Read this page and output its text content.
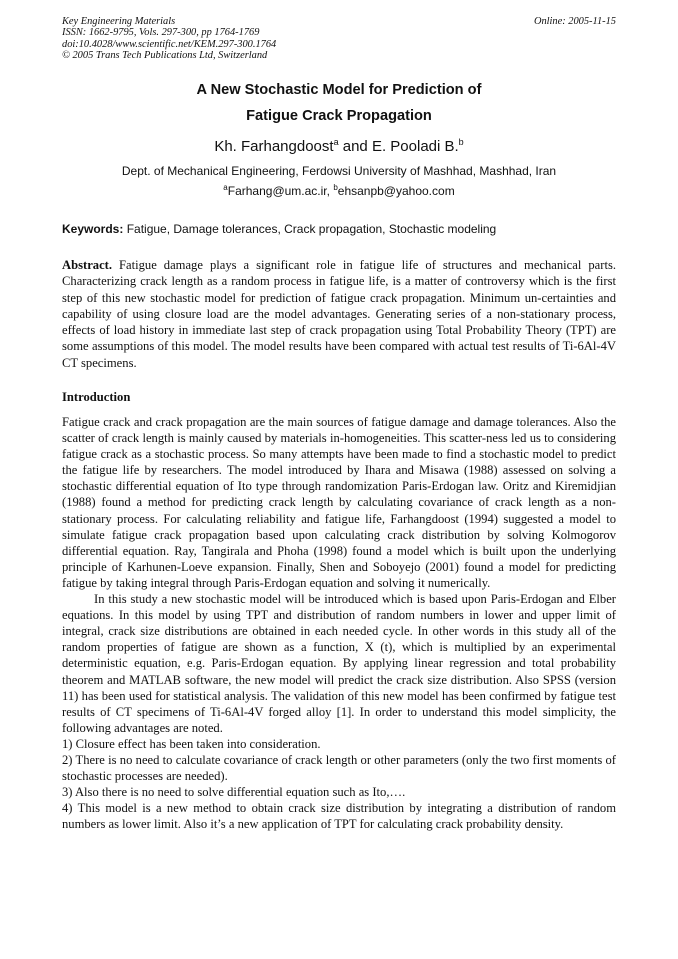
Key Engineering Materials
ISSN: 1662-9795, Vols. 297-300, pp 1764-1769
doi:10.4028/www.scientific.net/KEM.297-300.1764
© 2005 Trans Tech Publications Ltd, Switzerland
Online: 2005-11-15
A New Stochastic Model for Prediction of
Fatigue Crack Propagation
Kh. Farhangdoost$^a$ and E. Pooladi B.$^b$
Dept. of Mechanical Engineering, Ferdowsi University of Mashhad, Mashhad, Iran
$^a$Farhang@um.ac.ir, $^b$ehsanpb@yahoo.com
Keywords: Fatigue, Damage tolerances, Crack propagation, Stochastic modeling
Abstract. Fatigue damage plays a significant role in fatigue life of structures and mechanical parts. Characterizing crack length as a random process in fatigue life, is a matter of controversy which is the first step of this new stochastic model for prediction of fatigue crack propagation. Minimum un-certainties and capability of using closure load are the model advantages. Generating series of a non-stationary process, effects of load history in immediate last step of crack propagation using Total Probability Theory (TPT) are some assumptions of this model. The model results have been compared with actual test results of Ti-6Al-4V CT specimens.
Introduction

Fatigue crack and crack propagation are the main sources of fatigue damage and damage tolerances. Also the scatter of crack length is mainly caused by materials in-homogeneities. This scatter-ness led us to considering fatigue crack as a stochastic process. So many attempts have been made to find a stochastic model to predict the fatigue life by researchers. The model introduced by Ihara and Misawa (1988) assessed on solving a stochastic differential equation of Ito type through randomization Paris-Erdogan law. Oritz and Kiremidjian (1988) found a method for predicting crack length by calculating covariance of crack length as a non-stationary process. For calculating reliability and fatigue life, Farhangdoost (1994) suggested a model to simulate fatigue crack propagation based upon calculating crack distribution by solving Kolmogorov differential equation. Ray, Tangirala and Phoha (1998) found a model which is built upon the underlying principle of Karhunen-Loeve expansion. Finally, Shen and Soboyejo (2001) found a model for predicting fatigue by taking integral through Paris-Erdogan equation and solving it numerically.

In this study a new stochastic model will be introduced which is based upon Paris-Erdogan and Elber equations. In this model by using TPT and distribution of random numbers in lower and upper limit of integral, crack size distributions are obtained in each needed cycle. In other words in this study all of the random properties of fatigue are shown as a function, X (t), which is multiplied by an experimental deterministic equation, e.g. Paris-Erdogan equation. By applying linear regression and total probability theorem and MATLAB software, the new model will predict the crack size distribution. Also SPSS (version 11) has been used for statistical analysis. The validation of this new model has been confirmed by fatigue test results of CT specimens of Ti-6Al-4V forged alloy [1]. In order to understand this model simplicity, the following advantages are noted.

1) Closure effect has been taken into consideration.

2) There is no need to calculate covariance of crack length or other parameters (only the two first moments of stochastic processes are needed).

3) Also there is no need to solve differential equation such as Ito,….

4) This model is a new method to obtain crack size distribution by integrating a distribution of random numbers as lower limit. Also it’s a new application of TPT for calculating crack probability density.
